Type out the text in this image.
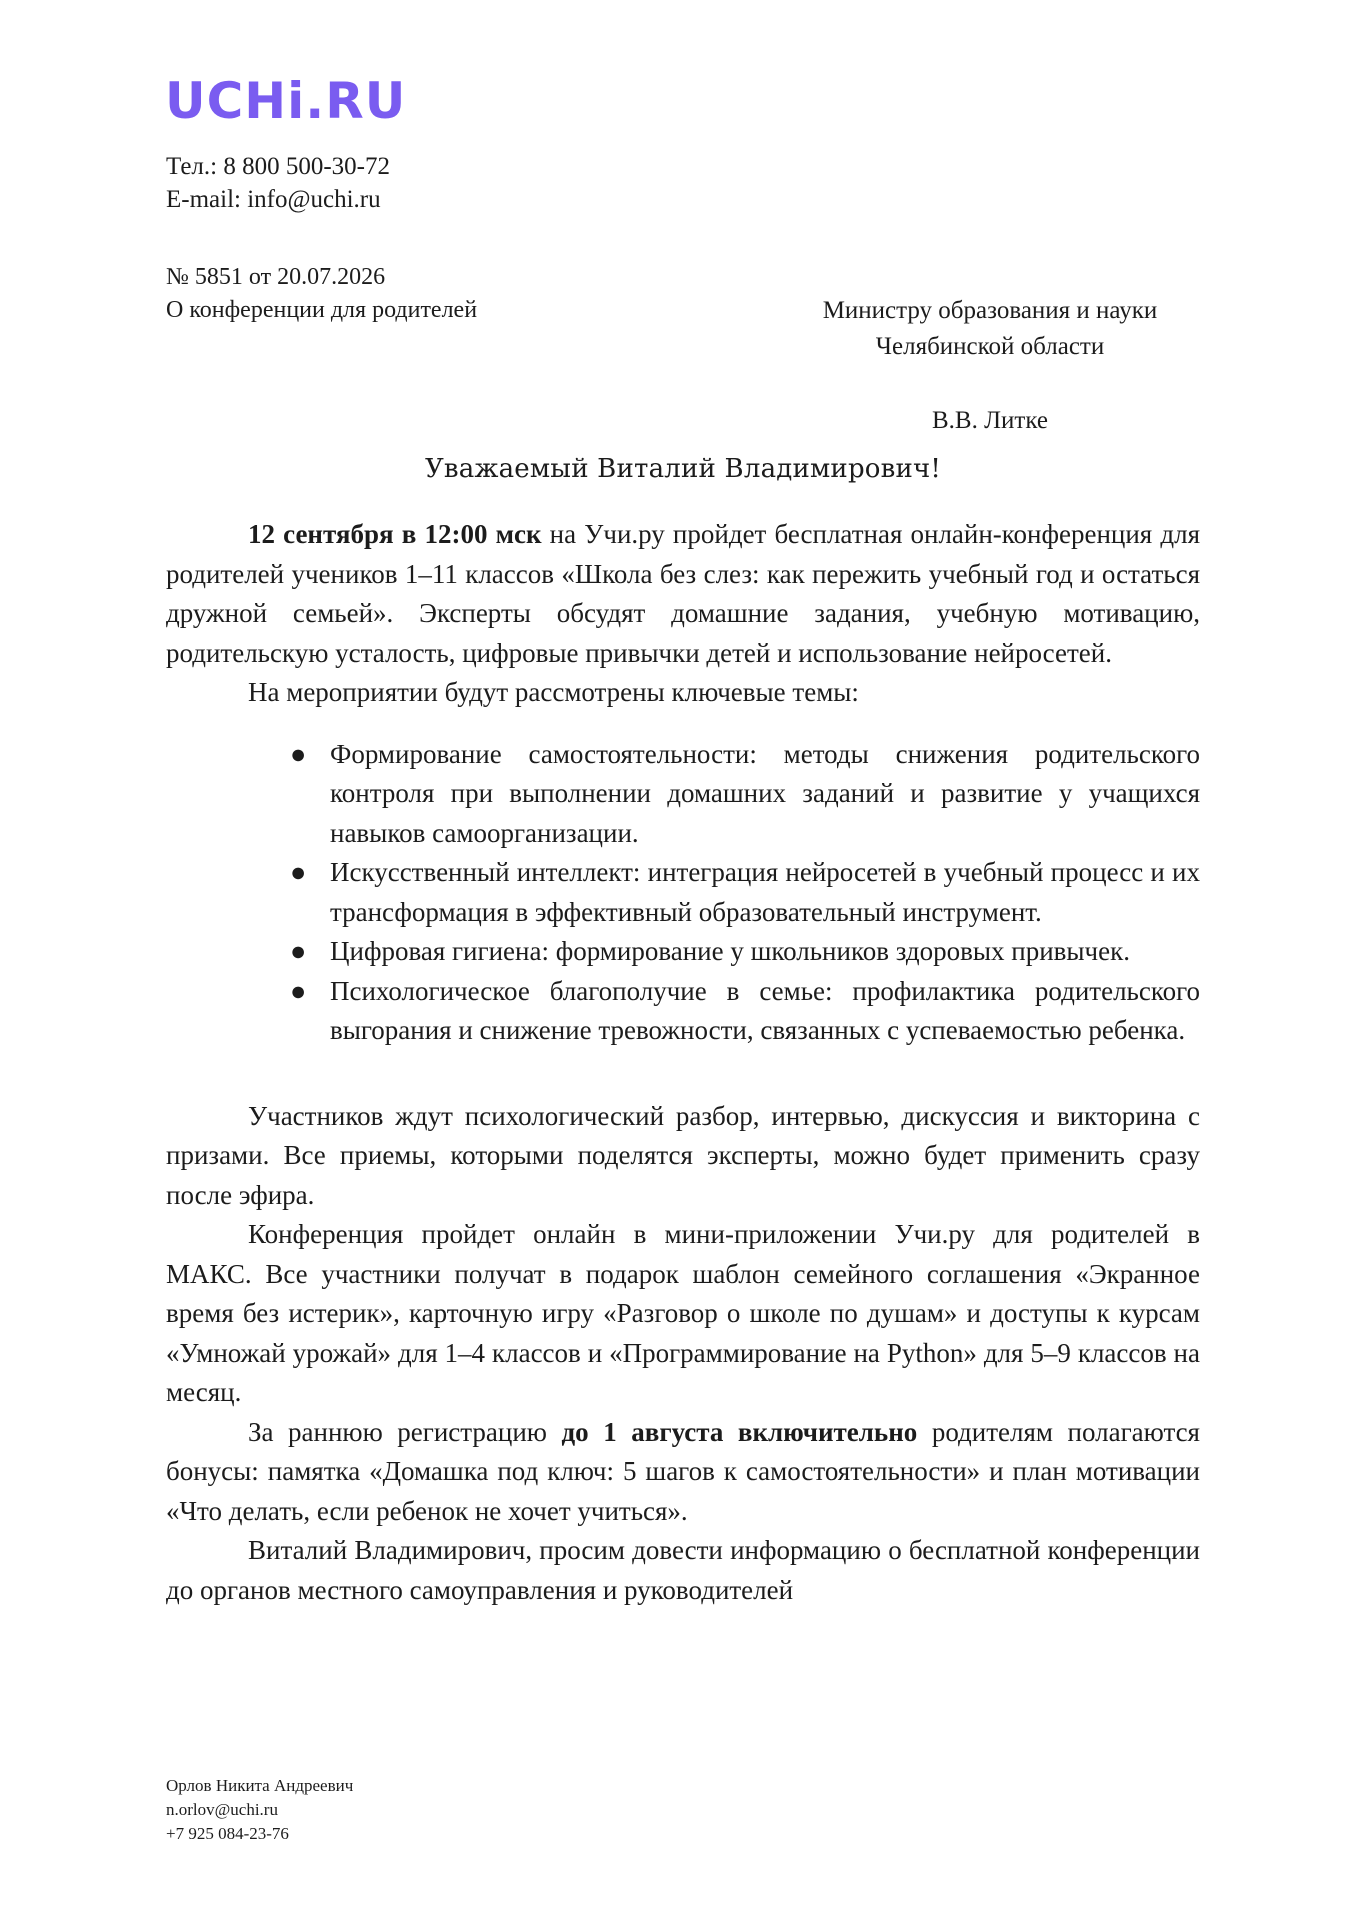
UCHi.RU
Тел.: 8 800 500-30-72
E-mail: info@uchi.ru
№ 5851 от 20.07.2026
О конференции для родителей	Министру образования и науки
Челябинской области
В.В. Литке
Уважаемый Виталий Владимирович!

12 сентября в 12:00 мск на Учи.ру пройдет бесплатная онлайн-конференция для родителей учеников 1–11 классов «Школа без слез: как пережить учебный год и остаться дружной семьей». Эксперты обсудят домашние задания, учебную мотивацию, родительскую усталость, цифровые привычки детей и использование нейросетей.

На мероприятии будут рассмотрены ключевые темы:

● Формирование самостоятельности: методы снижения родительского контроля при выполнении домашних заданий и развитие у учащихся навыков самоорганизации.
● Искусственный интеллект: интеграция нейросетей в учебный процесс и их трансформация в эффективный образовательный инструмент.
● Цифровая гигиена: формирование у школьников здоровых привычек.
● Психологическое благополучие в семье: профилактика родительского выгорания и снижение тревожности, связанных с успеваемостью ребенка.

Участников ждут психологический разбор, интервью, дискуссия и викторина с призами. Все приемы, которыми поделятся эксперты, можно будет применить сразу после эфира.

Конференция пройдет онлайн в мини-приложении Учи.ру для родителей в МАКС. Все участники получат в подарок шаблон семейного соглашения «Экранное время без истерик», карточную игру «Разговор о школе по душам» и доступы к курсам «Умножай урожай» для 1–4 классов и «Программирование на Python» для 5–9 классов на месяц.

За раннюю регистрацию до 1 августа включительно родителям полагаются бонусы: памятка «Домашка под ключ: 5 шагов к самостоятельности» и план мотивации «Что делать, если ребенок не хочет учиться».

Виталий Владимирович, просим довести информацию о бесплатной конференции до органов местного самоуправления и руководителей

Орлов Никита Андреевич
n.orlov@uchi.ru
+7 925 084-23-76
